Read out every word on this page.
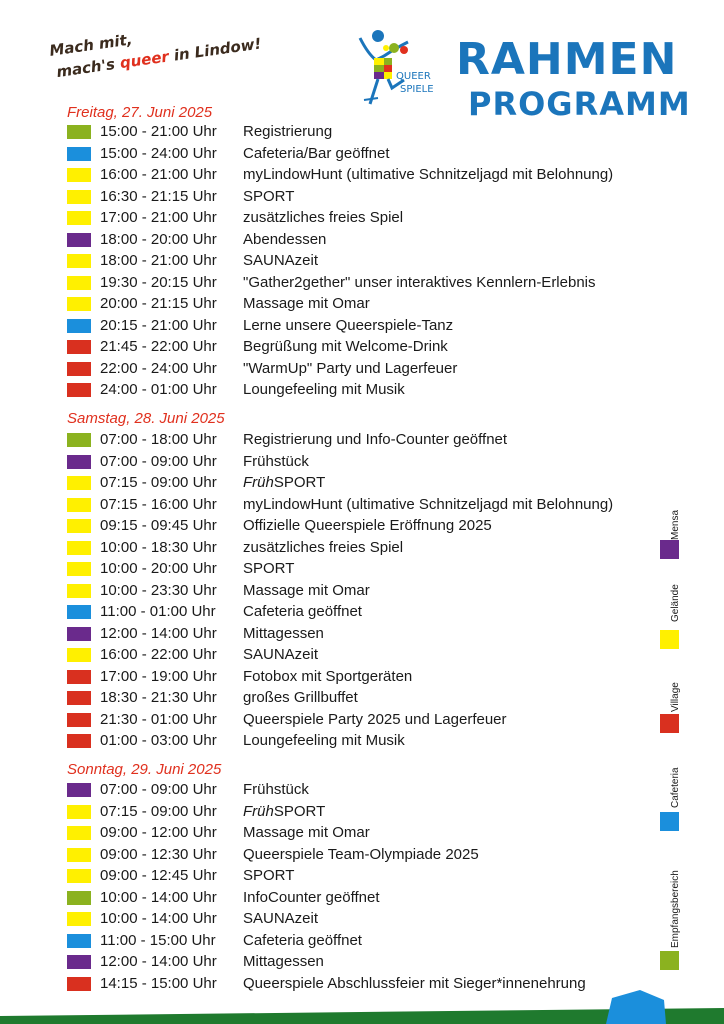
Mach mit,
mach's queer in Lindow!
QUEER
SPIELE
RAHMEN
PROGRAMM
Freitag, 27. Juni 2025
15:00 - 21:00 Uhr Registrierung
15:00 - 24:00 Uhr Cafeteria/Bar geöffnet
16:00 - 21:00 Uhr myLindowHunt (ultimative Schnitzeljagd mit Belohnung)
16:30 - 21:15 Uhr SPORT
17:00 - 21:00 Uhr zusätzliches freies Spiel
18:00 - 20:00 Uhr Abendessen
18:00 - 21:00 Uhr SAUNAzeit
19:30 - 20:15 Uhr "Gather2gether" unser interaktives Kennlern-Erlebnis
20:00 - 21:15 Uhr Massage mit Omar
20:15 - 21:00 Uhr Lerne unsere Queerspiele-Tanz
21:45 - 22:00 Uhr Begrüßung mit Welcome-Drink
22:00 - 24:00 Uhr "WarmUp" Party und Lagerfeuer
24:00 - 01:00 Uhr Loungefeeling mit Musik
Samstag, 28. Juni 2025
07:00 - 18:00 Uhr Registrierung und Info-Counter geöffnet
07:00 - 09:00 Uhr Frühstück
07:15 - 09:00 Uhr FrühSPORT
07:15 - 16:00 Uhr myLindowHunt (ultimative Schnitzeljagd mit Belohnung)
09:15 - 09:45 Uhr Offizielle Queerspiele Eröffnung 2025
10:00 - 18:30 Uhr zusätzliches freies Spiel
10:00 - 20:00 Uhr SPORT
10:00 - 23:30 Uhr Massage mit Omar
11:00 - 01:00 Uhr Cafeteria geöffnet
12:00 - 14:00 Uhr Mittagessen
16:00 - 22:00 Uhr SAUNAzeit
17:00 - 19:00 Uhr Fotobox mit Sportgeräten
18:30 - 21:30 Uhr großes Grillbuffet
21:30 - 01:00 Uhr Queerspiele Party 2025 und Lagerfeuer
01:00 - 03:00 Uhr Loungefeeling mit Musik
Sonntag, 29. Juni 2025
07:00 - 09:00 Uhr Frühstück
07:15 - 09:00 Uhr FrühSPORT
09:00 - 12:00 Uhr Massage mit Omar
09:00 - 12:30 Uhr Queerspiele Team-Olympiade 2025
09:00 - 12:45 Uhr SPORT
10:00 - 14:00 Uhr InfoCounter geöffnet
10:00 - 14:00 Uhr SAUNAzeit
11:00 - 15:00 Uhr Cafeteria geöffnet
12:00 - 14:00 Uhr Mittagessen
14:15 - 15:00 Uhr Queerspiele Abschlussfeier mit Sieger*innenehrung
Mensa
Gelände
Village
Cafeteria
Empfangsbereich
